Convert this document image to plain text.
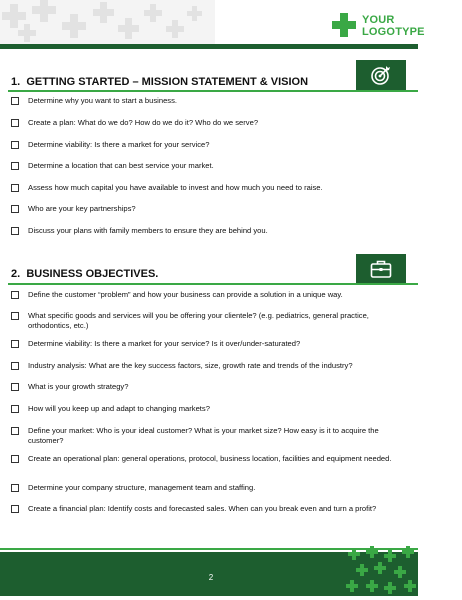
YOUR
LOGOTYPE
1. GETTING STARTED – MISSION STATEMENT & VISION
Determine why you want to start a business.
Create a plan: What do we do? How do we do it? Who do we serve?
Determine viability: Is there a market for your service?
Determine a location that can best service your market.
Assess how much capital you have available to invest and how much you need to raise.
Who are your key partnerships?
Discuss your plans with family members to ensure they are behind you.
2. BUSINESS OBJECTIVES.
Define the customer “problem” and how your business can provide a solution in a unique way.
What specific goods and services will you be offering your clientele? (e.g. pediatrics, general practice, orthodontics, etc.)
Determine viability: Is there a market for your service? Is it over/under-saturated?
Industry analysis: What are the key success factors, size, growth rate and trends of the industry?
What is your growth strategy?
How will you keep up and adapt to changing markets?
Define your market: Who is your ideal customer? What is your market size? How easy is it to acquire the customer?
Create an operational plan: general operations, protocol, business location, facilities and equipment needed.
Determine your company structure, management team and staffing.
Create a financial plan: Identify costs and forecasted sales. When can you break even and turn a profit?
2
